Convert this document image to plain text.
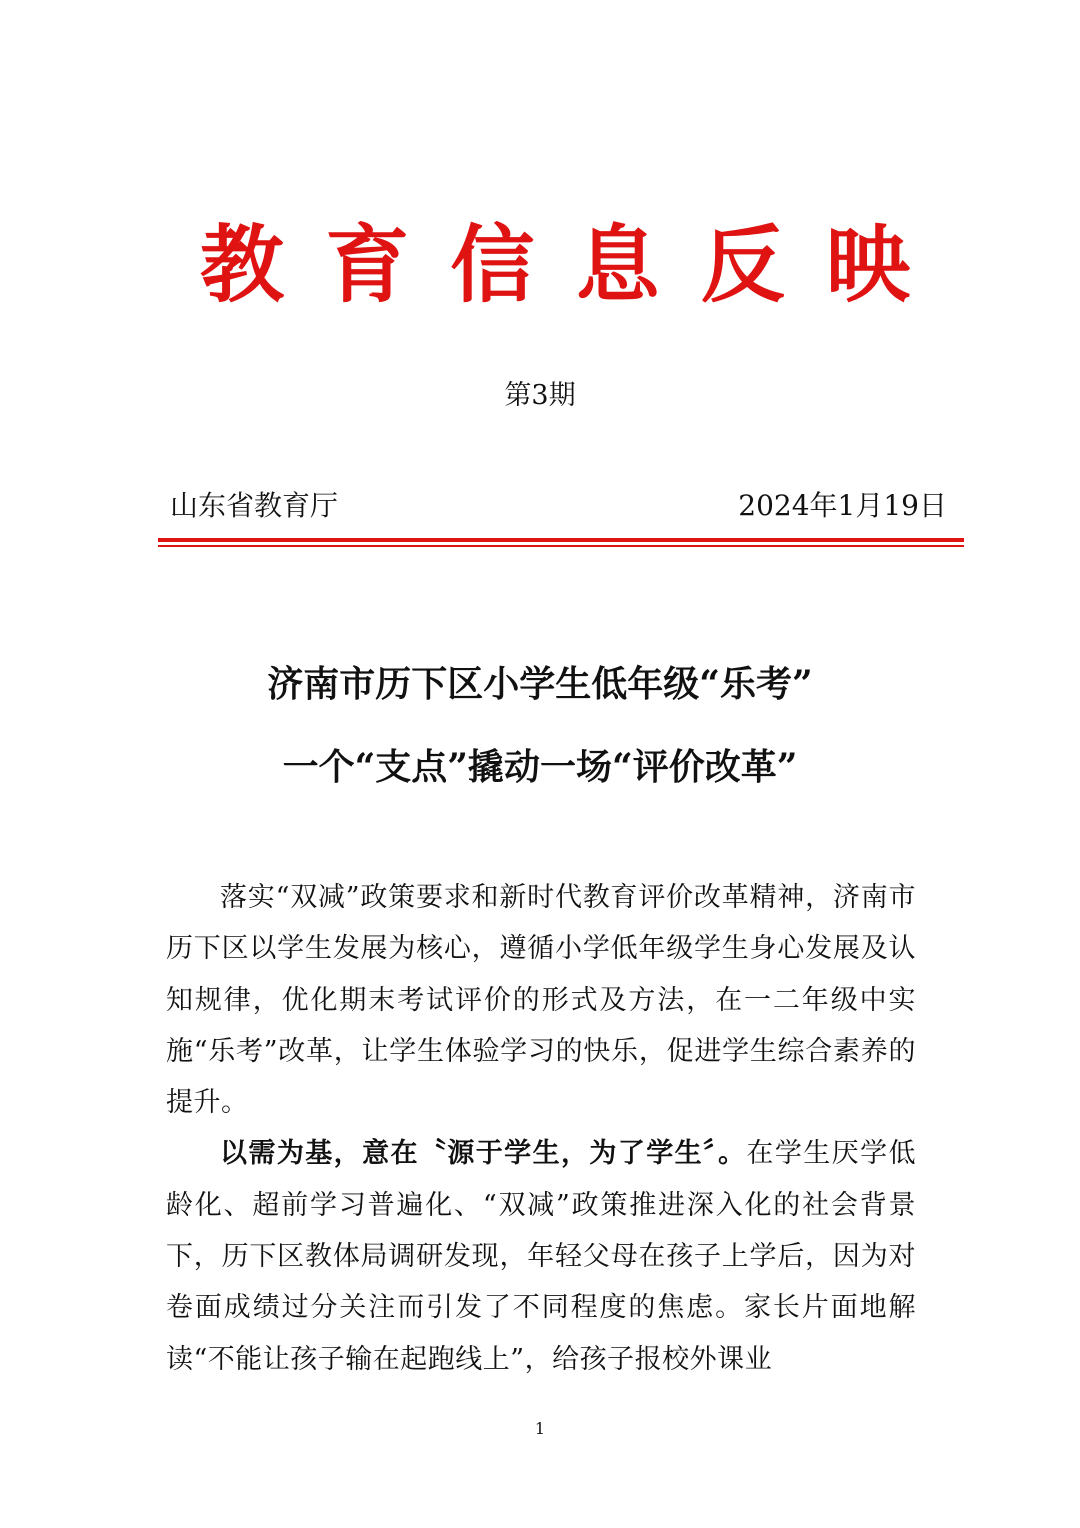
教 育 信 息 反 映
第3期
山东省教育厅	2024年1月19日
济南市历下区小学生低年级“乐考”
一个“支点”撬动一场“评价改革”

落实“双减”政策要求和新时代教育评价改革精神，济南市历下区以学生发展为核心，遵循小学低年级学生身心发展及认知规律，优化期末考试评价的形式及方法，在一二年级中实施“乐考”改革，让学生体验学习的快乐，促进学生综合素养的提升。

以需为基，意在〝源于学生，为了学生〞。在学生厌学低龄化、超前学习普遍化、“双减”政策推进深入化的社会背景下，历下区教体局调研发现，年轻父母在孩子上学后，因为对卷面成绩过分关注而引发了不同程度的焦虑。家长片面地解读“不能让孩子输在起跑线上”，给孩子报校外课业

1
